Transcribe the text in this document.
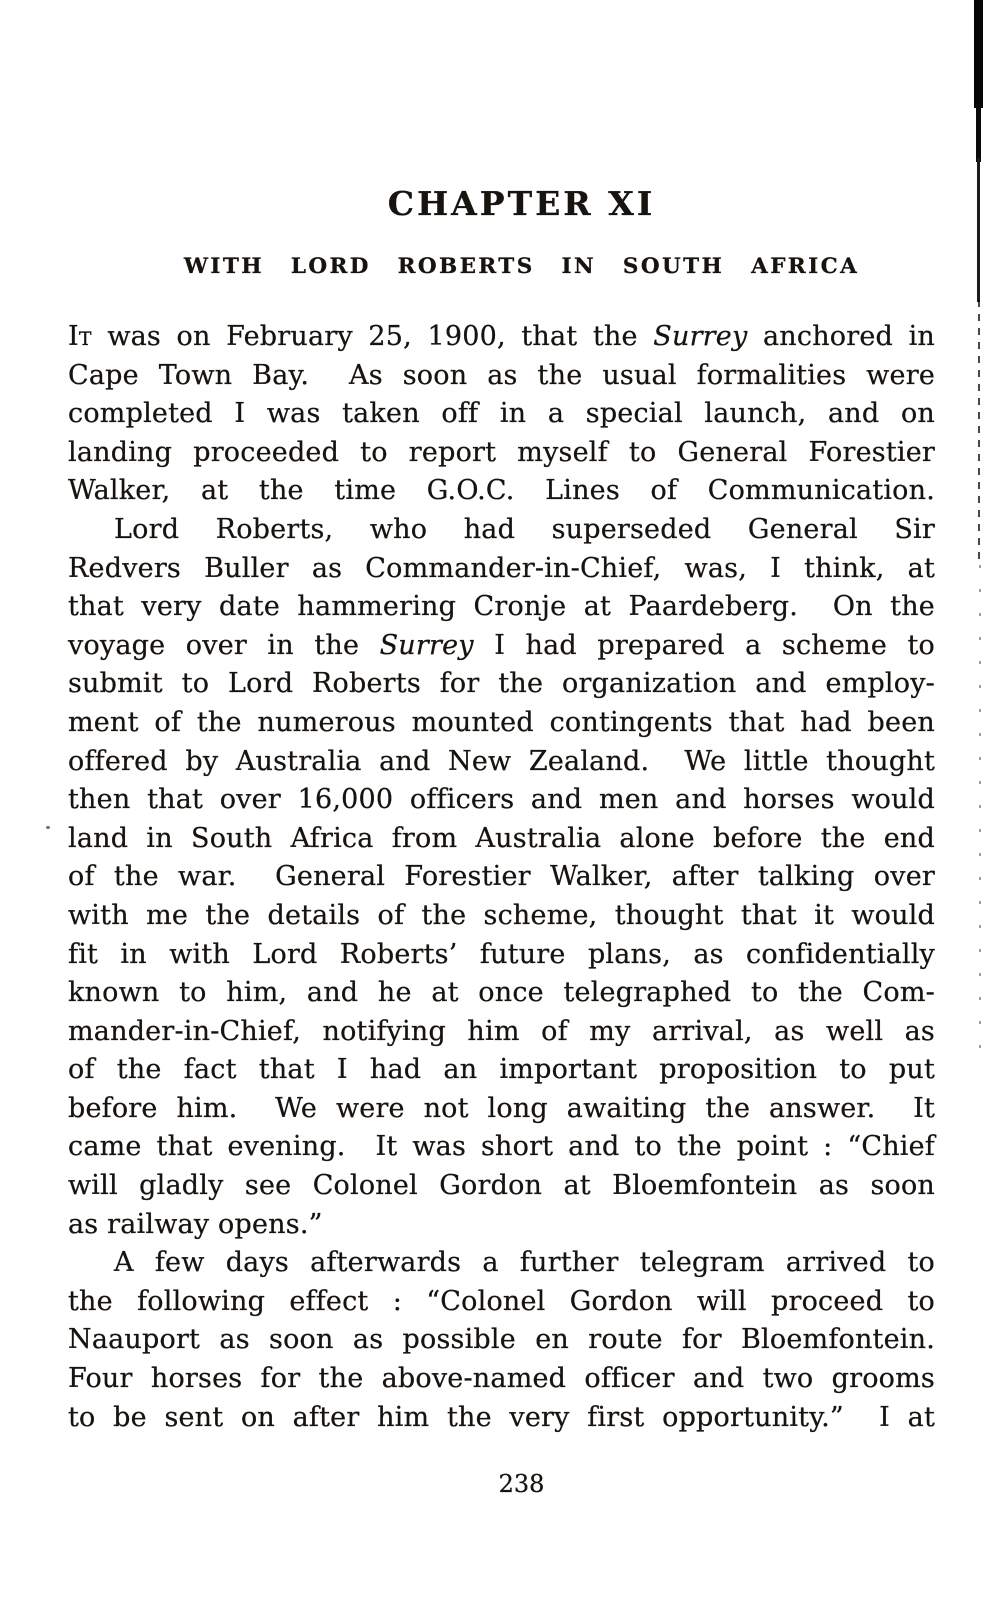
CHAPTER XI
WITH LORD ROBERTS IN SOUTH AFRICA
It was on February 25, 1900, that the Surrey anchored in
Cape Town Bay.  As soon as the usual formalities were
completed I was taken off in a special launch, and on
landing proceeded to report myself to General Forestier
Walker, at the time G.O.C. Lines of Communication.
Lord Roberts, who had superseded General Sir
Redvers Buller as Commander-in-Chief, was, I think, at
that very date hammering Cronje at Paardeberg.  On the
voyage over in the Surrey I had prepared a scheme to
submit to Lord Roberts for the organization and employ-
ment of the numerous mounted contingents that had been
offered by Australia and New Zealand.  We little thought
then that over 16,000 officers and men and horses would
land in South Africa from Australia alone before the end
of the war.  General Forestier Walker, after talking over
with me the details of the scheme, thought that it would
fit in with Lord Roberts’ future plans, as confidentially
known to him, and he at once telegraphed to the Com-
mander-in-Chief, notifying him of my arrival, as well as
of the fact that I had an important proposition to put
before him.  We were not long awaiting the answer.  It
came that evening.  It was short and to the point : “Chief
will gladly see Colonel Gordon at Bloemfontein as soon
as railway opens.”
A few days afterwards a further telegram arrived to
the following effect : “Colonel Gordon will proceed to
Naauport as soon as possible en route for Bloemfontein.
Four horses for the above-named officer and two grooms
to be sent on after him the very first opportunity.”  I at
238
